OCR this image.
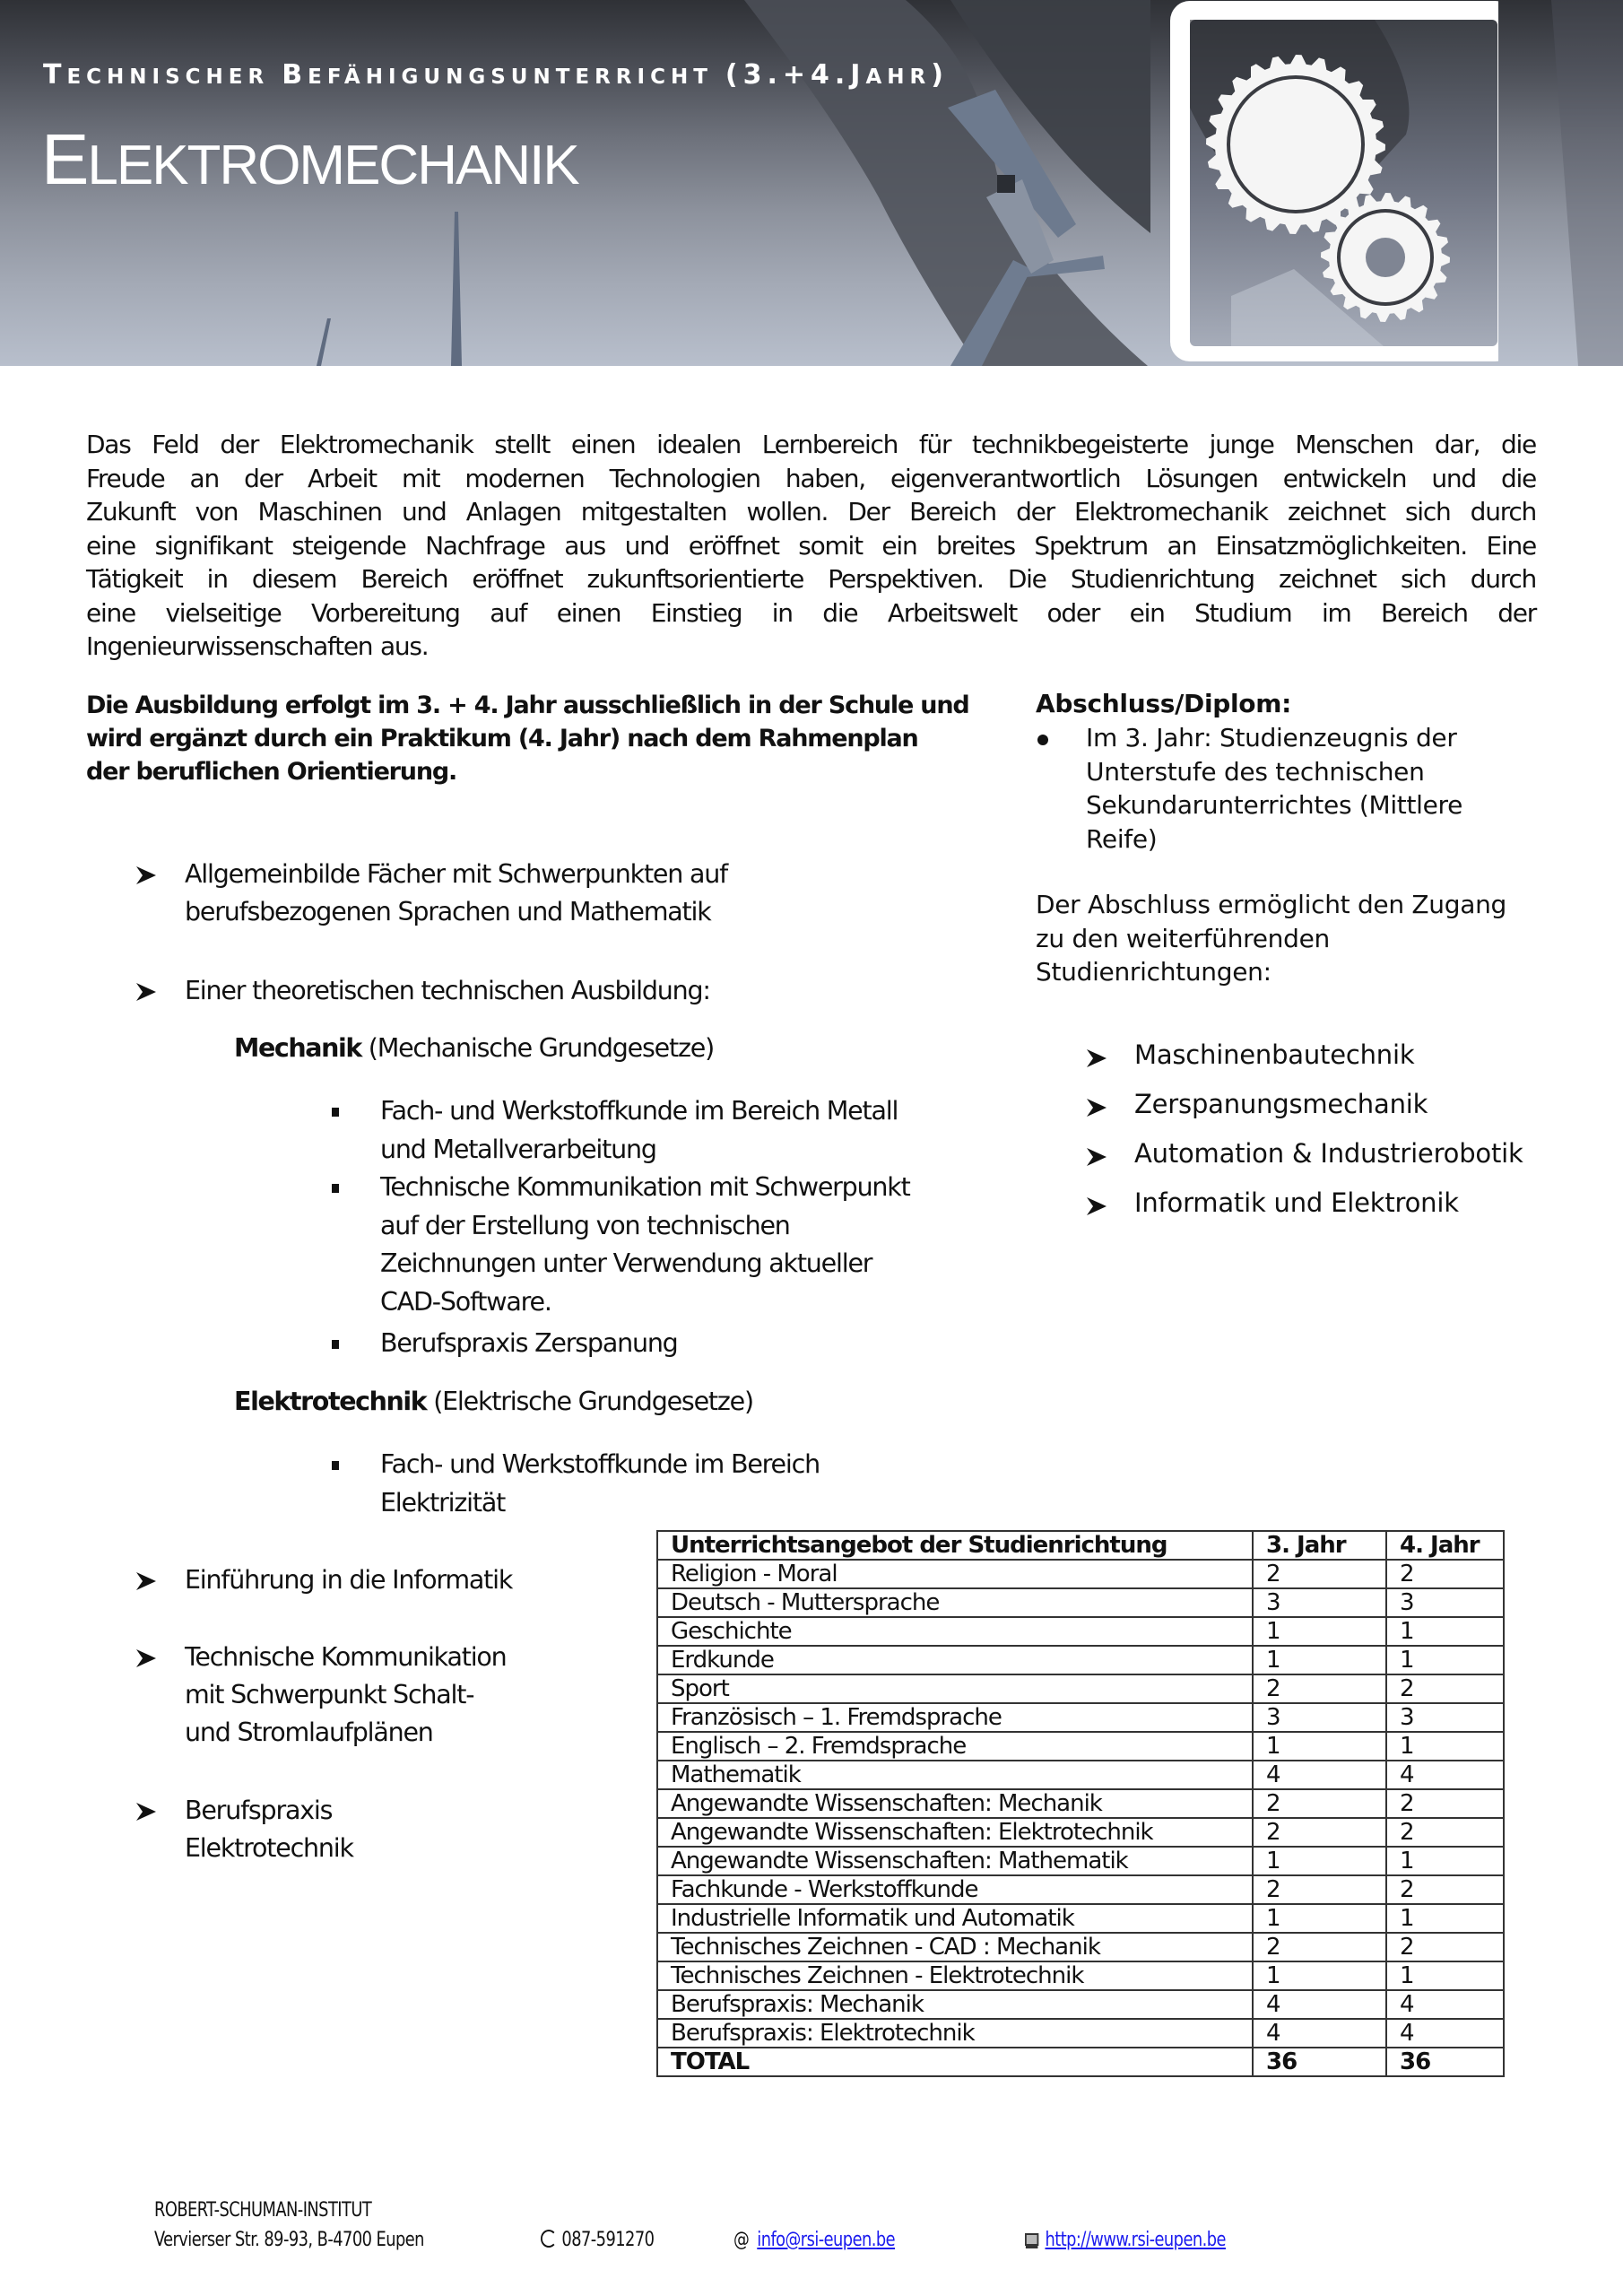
TECHNISCHER BEFÄHIGUNGSUNTERRICHT (3.+4.JAHR)
ELEKTROMECHANIK
Das Feld der Elektromechanik stellt einen idealen Lernbereich für technikbegeisterte junge Menschen dar, die
Freude an der Arbeit mit modernen Technologien haben, eigenverantwortlich Lösungen entwickeln und die
Zukunft von Maschinen und Anlagen mitgestalten wollen. Der Bereich der Elektromechanik zeichnet sich durch
eine signifikant steigende Nachfrage aus und eröffnet somit ein breites Spektrum an Einsatzmöglichkeiten. Eine
Tätigkeit in diesem Bereich eröffnet zukunftsorientierte Perspektiven. Die Studienrichtung zeichnet sich durch
eine vielseitige Vorbereitung auf einen Einstieg in die Arbeitswelt oder ein Studium im Bereich der
Ingenieurwissenschaften aus.
Die Ausbildung erfolgt im 3. + 4. Jahr ausschließlich in der Schule und
wird ergänzt durch ein Praktikum (4. Jahr) nach dem Rahmenplan
der beruflichen Orientierung.
Allgemeinbilde Fächer mit Schwerpunkten auf
berufsbezogenen Sprachen und Mathematik
Einer theoretischen technischen Ausbildung:
Mechanik (Mechanische Grundgesetze)
Fach- und Werkstoffkunde im Bereich Metall
und Metallverarbeitung
Technische Kommunikation mit Schwerpunkt
auf der Erstellung von technischen
Zeichnungen unter Verwendung aktueller
CAD-Software.
Berufspraxis Zerspanung
Elektrotechnik (Elektrische Grundgesetze)
Fach- und Werkstoffkunde im Bereich
Elektrizität
Einführung in die Informatik
Technische Kommunikation
mit Schwerpunkt Schalt-
und Stromlaufplänen
Berufspraxis
Elektrotechnik
Abschluss/Diplom:
Im 3. Jahr: Studienzeugnis der
Unterstufe des technischen
Sekundarunterrichtes (Mittlere
Reife)
Der Abschluss ermöglicht den Zugang
zu den weiterführenden
Studienrichtungen:
Maschinenbautechnik
Zerspanungsmechanik
Automation & Industrierobotik
Informatik und Elektronik
Unterrichtsangebot der Studienrichtung	3. Jahr	4. Jahr
Religion - Moral	2	2
Deutsch - Muttersprache	3	3
Geschichte	1	1
Erdkunde	1	1
Sport	2	2
Französisch – 1. Fremdsprache	3	3
Englisch – 2. Fremdsprache	1	1
Mathematik	4	4
Angewandte Wissenschaften: Mechanik	2	2
Angewandte Wissenschaften: Elektrotechnik	2	2
Angewandte Wissenschaften: Mathematik	1	1
Fachkunde - Werkstoffkunde	2	2
Industrielle Informatik und Automatik	1	1
Technisches Zeichnen - CAD : Mechanik	2	2
Technisches Zeichnen - Elektrotechnik	1	1
Berufspraxis: Mechanik	4	4
Berufspraxis: Elektrotechnik	4	4
TOTAL	36	36
ROBERT-SCHUMAN-INSTITUT
Vervierser Str. 89-93, B-4700 Eupen	087-591270	@ info@rsi-eupen.be	http://www.rsi-eupen.be
